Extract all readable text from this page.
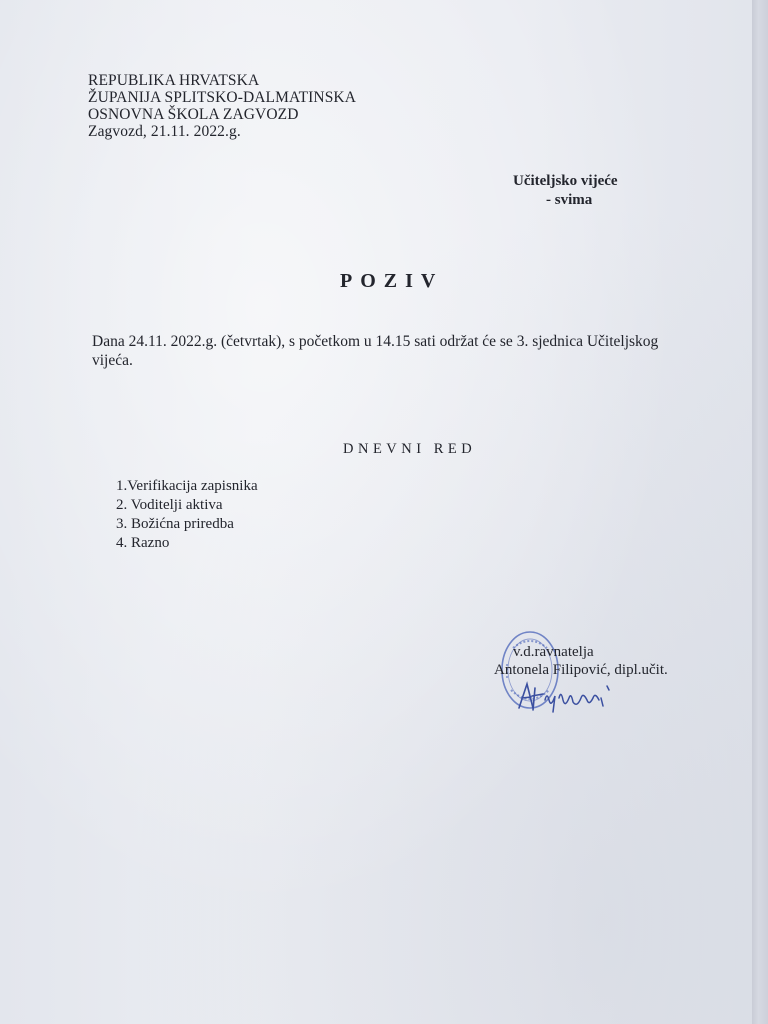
REPUBLIKA HRVATSKA
ŽUPANIJA SPLITSKO-DALMATINSKA
OSNOVNA ŠKOLA ZAGVOZD
Zagvozd, 21.11. 2022.g.
Učiteljsko vijeće
- svima
POZIV
Dana 24.11. 2022.g. (četvrtak), s početkom u 14.15 sati održat će se 3. sjednica Učiteljskog vijeća.
DNEVNI RED
1.Verifikacija zapisnika
2. Voditelji aktiva
3. Božićna priredba
4. Razno
v.d.ravnatelja
Antonela Filipović, dipl.učit.
